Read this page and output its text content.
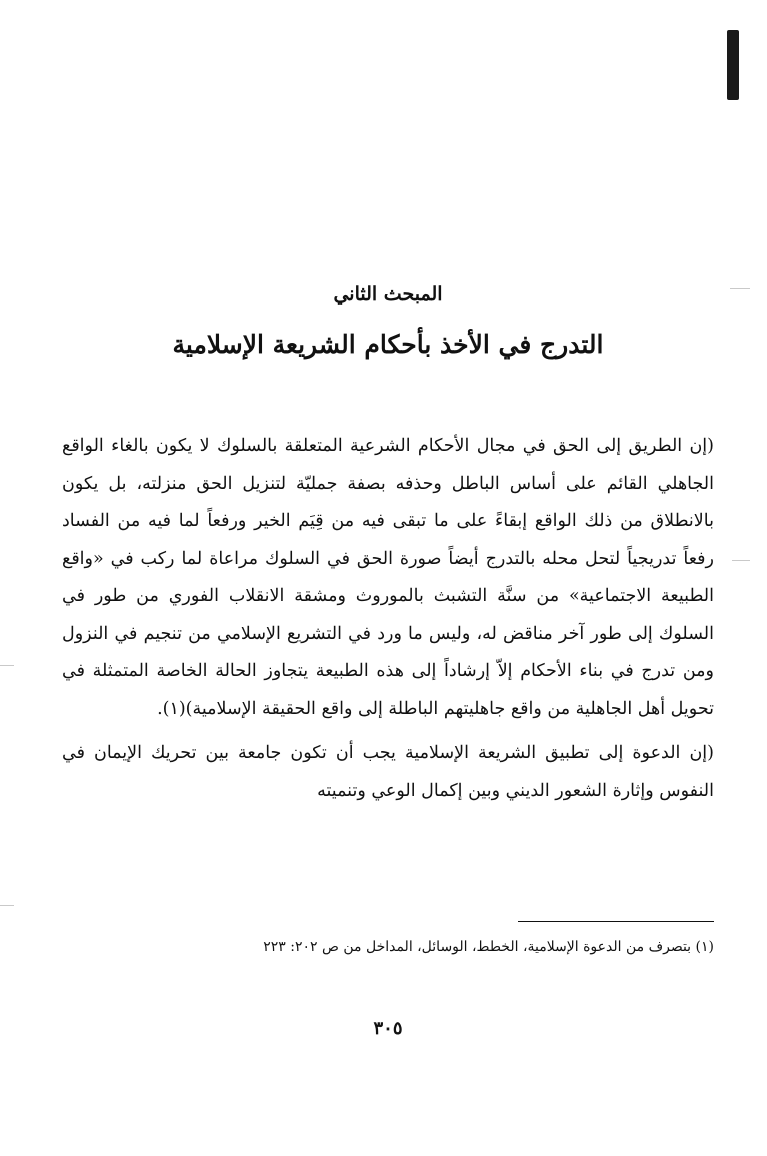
المبحث الثاني
التدرج في الأخذ بأحكام الشريعة الإسلامية

(إن الطريق إلى الحق في مجال الأحكام الشرعية المتعلقة بالسلوك لا يكون بالغاء الواقع الجاهلي القائم على أساس الباطل وحذفه بصفة جمليّة لتنزيل الحق منزلته، بل يكون بالانطلاق من ذلك الواقع إبقاءً على ما تبقى فيه من قِيَم الخير ورفعاً لما فيه من الفساد رفعاً تدريجياً لتحل محله بالتدرج أيضاً صورة الحق في السلوك مراعاة لما ركب في «واقع الطبيعة الاجتماعية» من سنَّة التشبث بالموروث ومشقة الانقلاب الفوري من طور في السلوك إلى طور آخر مناقض له، وليس ما ورد في التشريع الإسلامي من تنجيم في النزول ومن تدرج في بناء الأحكام إلاّ إرشاداً إلى هذه الطبيعة يتجاوز الحالة الخاصة المتمثلة في تحويل أهل الجاهلية من واقع جاهليتهم الباطلة إلى واقع الحقيقة الإسلامية)(١).

(إن الدعوة إلى تطبيق الشريعة الإسلامية يجب أن تكون جامعة بين تحريك الإيمان في النفوس وإثارة الشعور الديني وبين إكمال الوعي وتنميته

(١) بتصرف من الدعوة الإسلامية، الخطط، الوسائل، المداخل من ص ٢٠٢: ٢٢٣

٣٠٥
